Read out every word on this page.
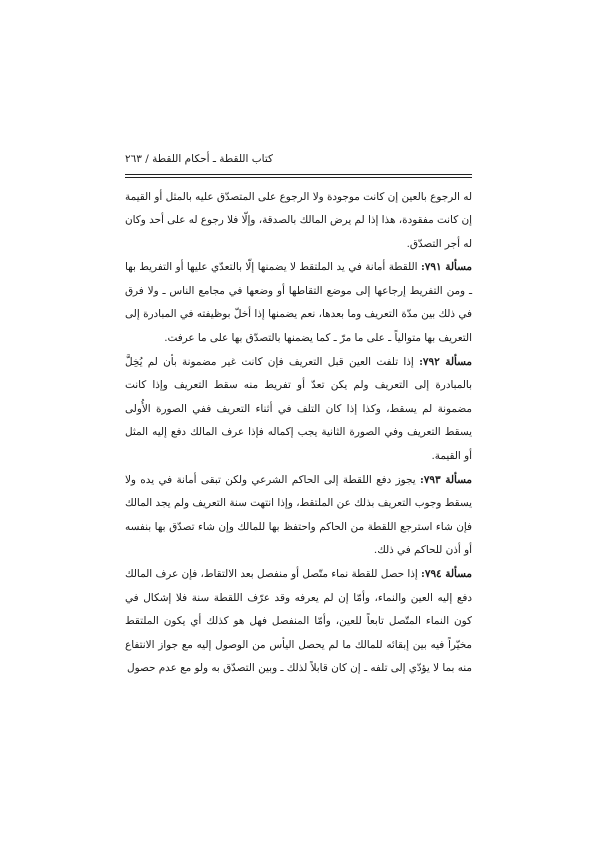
كتاب اللقطة ـ أحكام اللقطة / ٢٦٣

له الرجوع بالعين إن كانت موجودة ولا الرجوع على المتصدّق عليه بالمثل أو القيمة إن كانت مفقودة، هذا إذا لم يرض المالك بالصدقة، وإلّا فلا رجوع له على أحد وكان له أجر التصدّق.

مسألة ٧٩١: اللقطة أمانة في يد الملتقط لا يضمنها إلّا بالتعدّي عليها أو التفريط بها ـ ومن التفريط إرجاعها إلى موضع التقاطها أو وضعها في مجامع الناس ـ ولا فرق في ذلك بين مدّة التعريف وما بعدها، نعم يضمنها إذا أخلّ بوظيفته في المبادرة إلى التعريف بها متوالياً ـ على ما مرّ ـ كما يضمنها بالتصدّق بها على ما عرفت.

مسألة ٧٩٢: إذا تلفت العين قبل التعريف فإن كانت غير مضمونة بأن لم يُخِلَّ بالمبادرة إلى التعريف ولم يكن تعدّ أو تفريط منه سقط التعريف وإذا كانت مضمونة لم يسقط، وكذا إذا كان التلف في أثناء التعريف ففي الصورة الأُولى يسقط التعريف وفي الصورة الثانية يجب إكماله فإذا عرف المالك دفع إليه المثل أو القيمة.

مسألة ٧٩٣: يجوز دفع اللقطة إلى الحاكم الشرعي ولكن تبقى أمانة في يده ولا يسقط وجوب التعريف بذلك عن الملتقط، وإذا انتهت سنة التعريف ولم يجد المالك فإن شاء استرجع اللقطة من الحاكم واحتفظ بها للمالك وإن شاء تصدّق بها بنفسه أو أذن للحاكم في ذلك.

مسألة ٧٩٤: إذا حصل للقطة نماء متّصل أو منفصل بعد الالتقاط، فإن عرف المالك دفع إليه العين والنماء، وأمّا إن لم يعرفه وقد عرّف اللقطة سنة فلا إشكال في كون النماء المتّصل تابعاً للعين، وأمّا المنفصل فهل هو كذلك أي يكون الملتقط مخيّراً فيه بين إبقائه للمالك ما لم يحصل اليأس من الوصول إليه مع جواز الانتفاع منه بما لا يؤدّي إلى تلفه ـ إن كان قابلاً لذلك ـ وبين التصدّق به ولو مع عدم حصول
